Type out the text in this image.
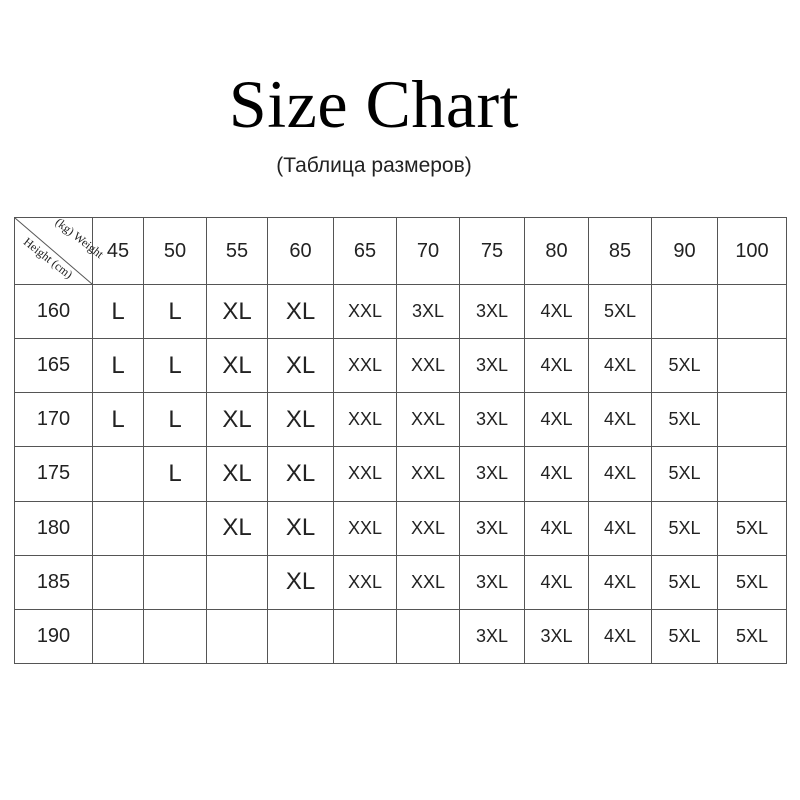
Size Chart
(Таблица размеров)
(kg) Weight
Height (cm)	45	50	55	60	65	70	75	80	85	90	100
160	L	L	XL	XL	XXL	3XL	3XL	4XL	5XL		
165	L	L	XL	XL	XXL	XXL	3XL	4XL	4XL	5XL	
170	L	L	XL	XL	XXL	XXL	3XL	4XL	4XL	5XL	
175		L	XL	XL	XXL	XXL	3XL	4XL	4XL	5XL	
180			XL	XL	XXL	XXL	3XL	4XL	4XL	5XL	5XL
185				XL	XXL	XXL	3XL	4XL	4XL	5XL	5XL
190							3XL	3XL	4XL	5XL	5XL
